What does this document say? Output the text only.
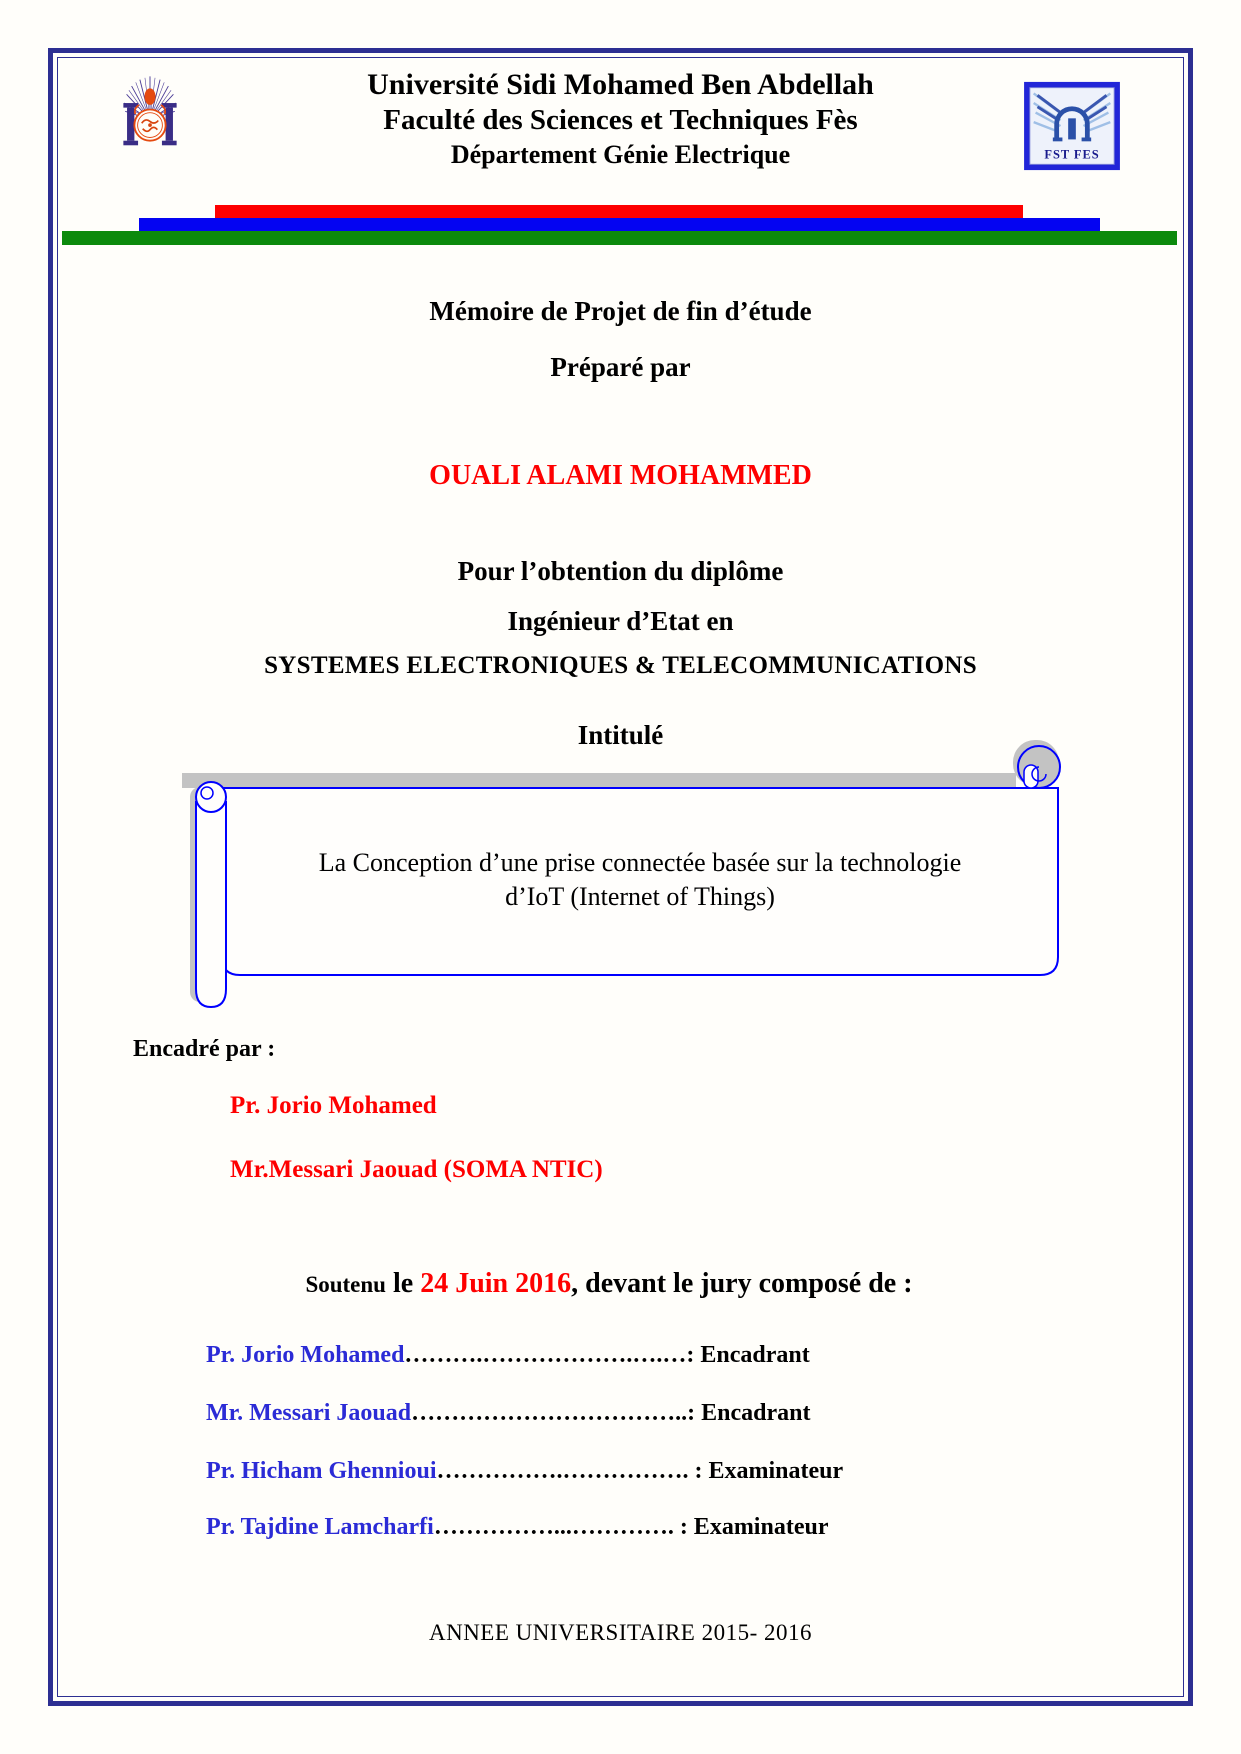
FST FES
Université Sidi Mohamed Ben Abdellah
Faculté des Sciences et Techniques Fès
Département Génie Electrique
Mémoire de Projet de fin d’étude
Préparé par
OUALI ALAMI MOHAMMED
Pour l’obtention du diplôme
Ingénieur d’Etat en
SYSTEMES ELECTRONIQUES & TELECOMMUNICATIONS
Intitulé
La Conception d’une prise connectée basée sur la technologie
d’IoT (Internet of Things)
Encadré par :
Pr. Jorio Mohamed
Mr.Messari Jaouad (SOMA NTIC)
Soutenu le 24 Juin 2016, devant le jury composé de :
Pr. Jorio Mohamed……….……………….….…: Encadrant
Mr. Messari Jaouad……………………………..: Encadrant
Pr. Hicham Ghennioui…………….……………. : Examinateur
Pr. Tajdine Lamcharfi……………...…………. : Examinateur
ANNEE UNIVERSITAIRE 2015- 2016
